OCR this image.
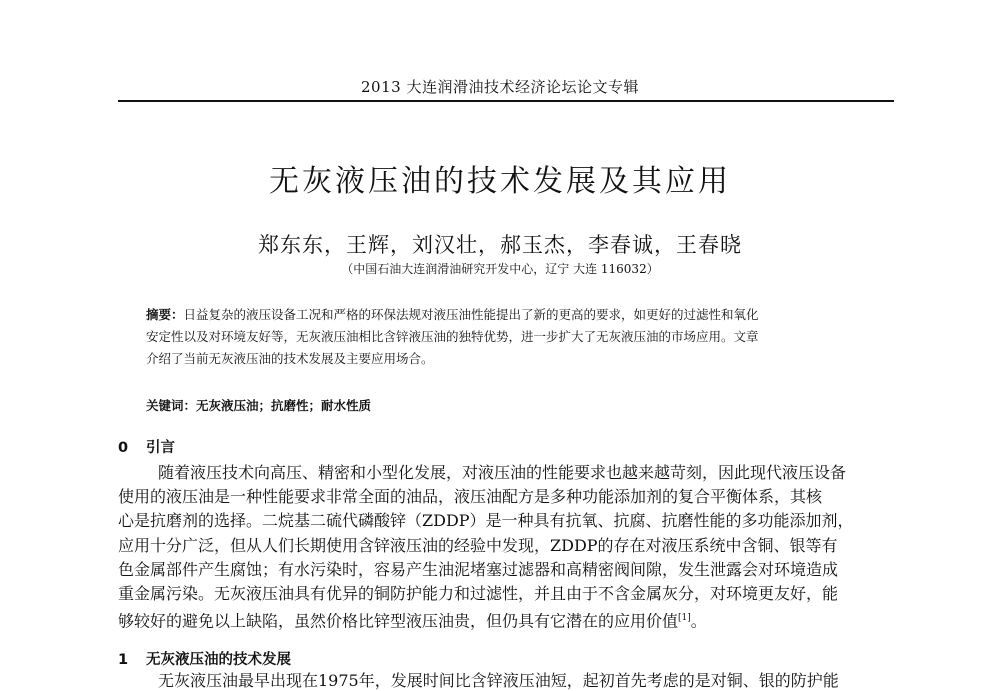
2013 大连润滑油技术经济论坛论文专辑
无灰液压油的技术发展及其应用
郑东东，王辉，刘汉壮，郝玉杰，李春诚，王春晓
（中国石油大连润滑油研究开发中心，辽宁 大连 116032）

摘要：日益复杂的液压设备工况和严格的环保法规对液压油性能提出了新的更高的要求，如更好的过滤性和氧化

安定性以及对环境友好等，无灰液压油相比含锌液压油的独特优势，进一步扩大了无灰液压油的市场应用。文章

介绍了当前无灰液压油的技术发展及主要应用场合。

关键词：无灰液压油；抗磨性；耐水性质
0 引言

随着液压技术向高压、精密和小型化发展，对液压油的性能要求也越来越苛刻，因此现代液压设备

使用的液压油是一种性能要求非常全面的油品，液压油配方是多种功能添加剂的复合平衡体系，其核

心是抗磨剂的选择。二烷基二硫代磷酸锌（ZDDP）是一种具有抗氧、抗腐、抗磨性能的多功能添加剂，

应用十分广泛，但从人们长期使用含锌液压油的经验中发现，ZDDP的存在对液压系统中含铜、银等有

色金属部件产生腐蚀；有水污染时，容易产生油泥堵塞过滤器和高精密阀间隙，发生泄露会对环境造成

重金属污染。无灰液压油具有优异的铜防护能力和过滤性，并且由于不含金属灰分，对环境更友好，能

够较好的避免以上缺陷，虽然价格比锌型液压油贵，但仍具有它潜在的应用价值[1]。

1 无灰液压油的技术发展
无灰液压油最早出现在1975年，发展时间比含锌液压油短，起初首先考虑的是对铜、银的防护能
